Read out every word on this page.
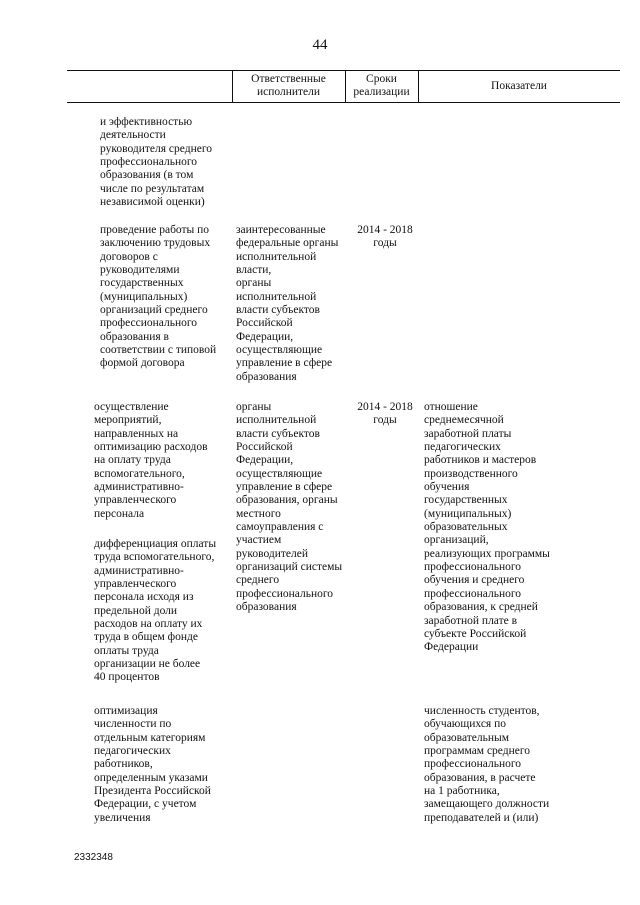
44
Ответственные
исполнители
Сроки
реализации	Показатели
и эффективностью
деятельности
руководителя среднего
профессионального
образования (в том
числе по результатам
независимой оценки)
проведение работы по
заключению трудовых
договоров с
руководителями
государственных
(муниципальных)
организаций среднего
профессионального
образования в
соответствии с типовой
формой договора
заинтересованные
федеральные органы
исполнительной
власти,
органы
исполнительной
власти субъектов
Российской
Федерации,
осуществляющие
управление в сфере
образования
2014 - 2018
годы
осуществление
мероприятий,
направленных на
оптимизацию расходов
на оплату труда
вспомогательного,
административно-
управленческого
персонала
дифференциация оплаты
труда вспомогательного,
административно-
управленческого
персонала исходя из
предельной доли
расходов на оплату их
труда в общем фонде
оплаты труда
организации не более
40 процентов
органы
исполнительной
власти субъектов
Российской
Федерации,
осуществляющие
управление в сфере
образования, органы
местного
самоуправления с
участием
руководителей
организаций системы
среднего
профессионального
образования
2014 - 2018
годы
отношение
среднемесячной
заработной платы
педагогических
работников и мастеров
производственного
обучения
государственных
(муниципальных)
образовательных
организаций,
реализующих программы
профессионального
обучения и среднего
профессионального
образования, к средней
заработной плате в
субъекте Российской
Федерации
оптимизация
численности по
отдельным категориям
педагогических
работников,
определенным указами
Президента Российской
Федерации, с учетом
увеличения
численность студентов,
обучающихся по
образовательным
программам среднего
профессионального
образования, в расчете
на 1 работника,
замещающего должности
преподавателей и (или)
2332348
